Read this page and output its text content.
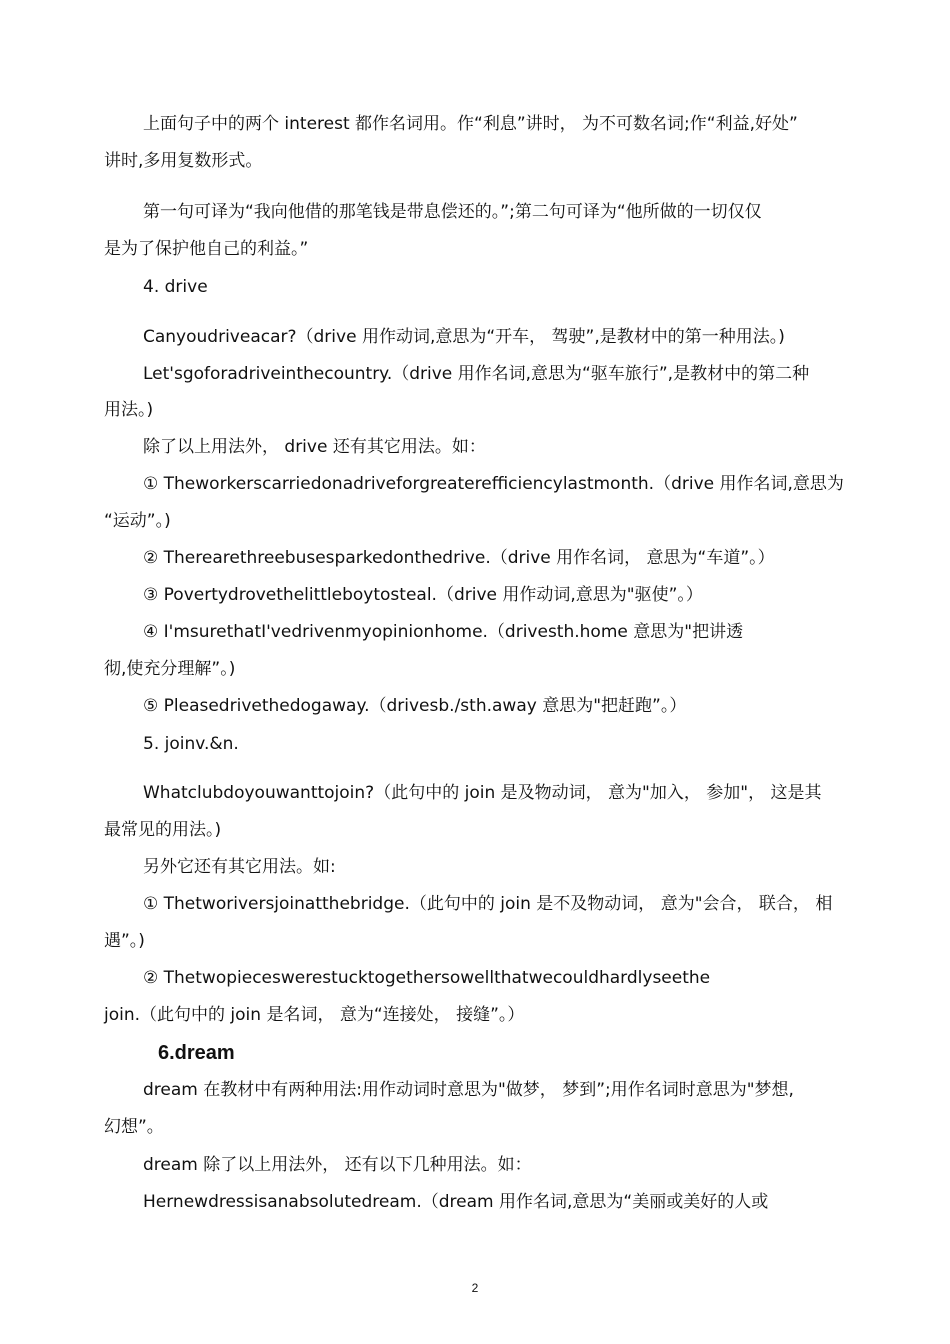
上面句子中的两个 interest 都作名词用。作“利息”讲时， 为不可数名词;作“利益,好处”
讲时,多用复数形式。
第一句可译为“我向他借的那笔钱是带息偿还的。”;第二句可译为“他所做的一切仅仅
是为了保护他自己的利益。”
4. drive
Canyoudriveacar?（drive 用作动词,意思为“开车， 驾驶”,是教材中的第一种用法。)
Let'sgoforadriveinthecountry.（drive 用作名词,意思为“驱车旅行”,是教材中的第二种
用法。)
除了以上用法外， drive 还有其它用法。如：
① Theworkerscarriedonadriveforgreaterefficiencylastmonth.（drive 用作名词,意思为
“运动”。)
② Therearethreebusesparkedonthedrive.（drive 用作名词， 意思为“车道”。）
③ Povertydrovethelittleboytosteal.（drive 用作动词,意思为"驱使”。）
④ I'msurethatI'vedrivenmyopinionhome.（drivesth.home 意思为"把讲透
彻,使充分理解”。)
⑤ Pleasedrivethedogaway.（drivesb./sth.away 意思为"把赶跑”。）
5. joinv.&n.
Whatclubdoyouwanttojoin?（此句中的 join 是及物动词， 意为"加入， 参加"， 这是其
最常见的用法。)
另外它还有其它用法。如:
① Thetworiversjoinatthebridge.（此句中的 join 是不及物动词， 意为"会合， 联合， 相
遇”。)
② Thetwopieceswerestucktogethersowellthatwecouldhardlyseethe
join.（此句中的 join 是名词， 意为“连接处， 接缝”。）
6.dream
dream 在教材中有两种用法:用作动词时意思为"做梦， 梦到”;用作名词时意思为"梦想,
幻想”。
dream 除了以上用法外， 还有以下几种用法。如：
Hernewdressisanabsolutedream.（dream 用作名词,意思为“美丽或美好的人或
2
